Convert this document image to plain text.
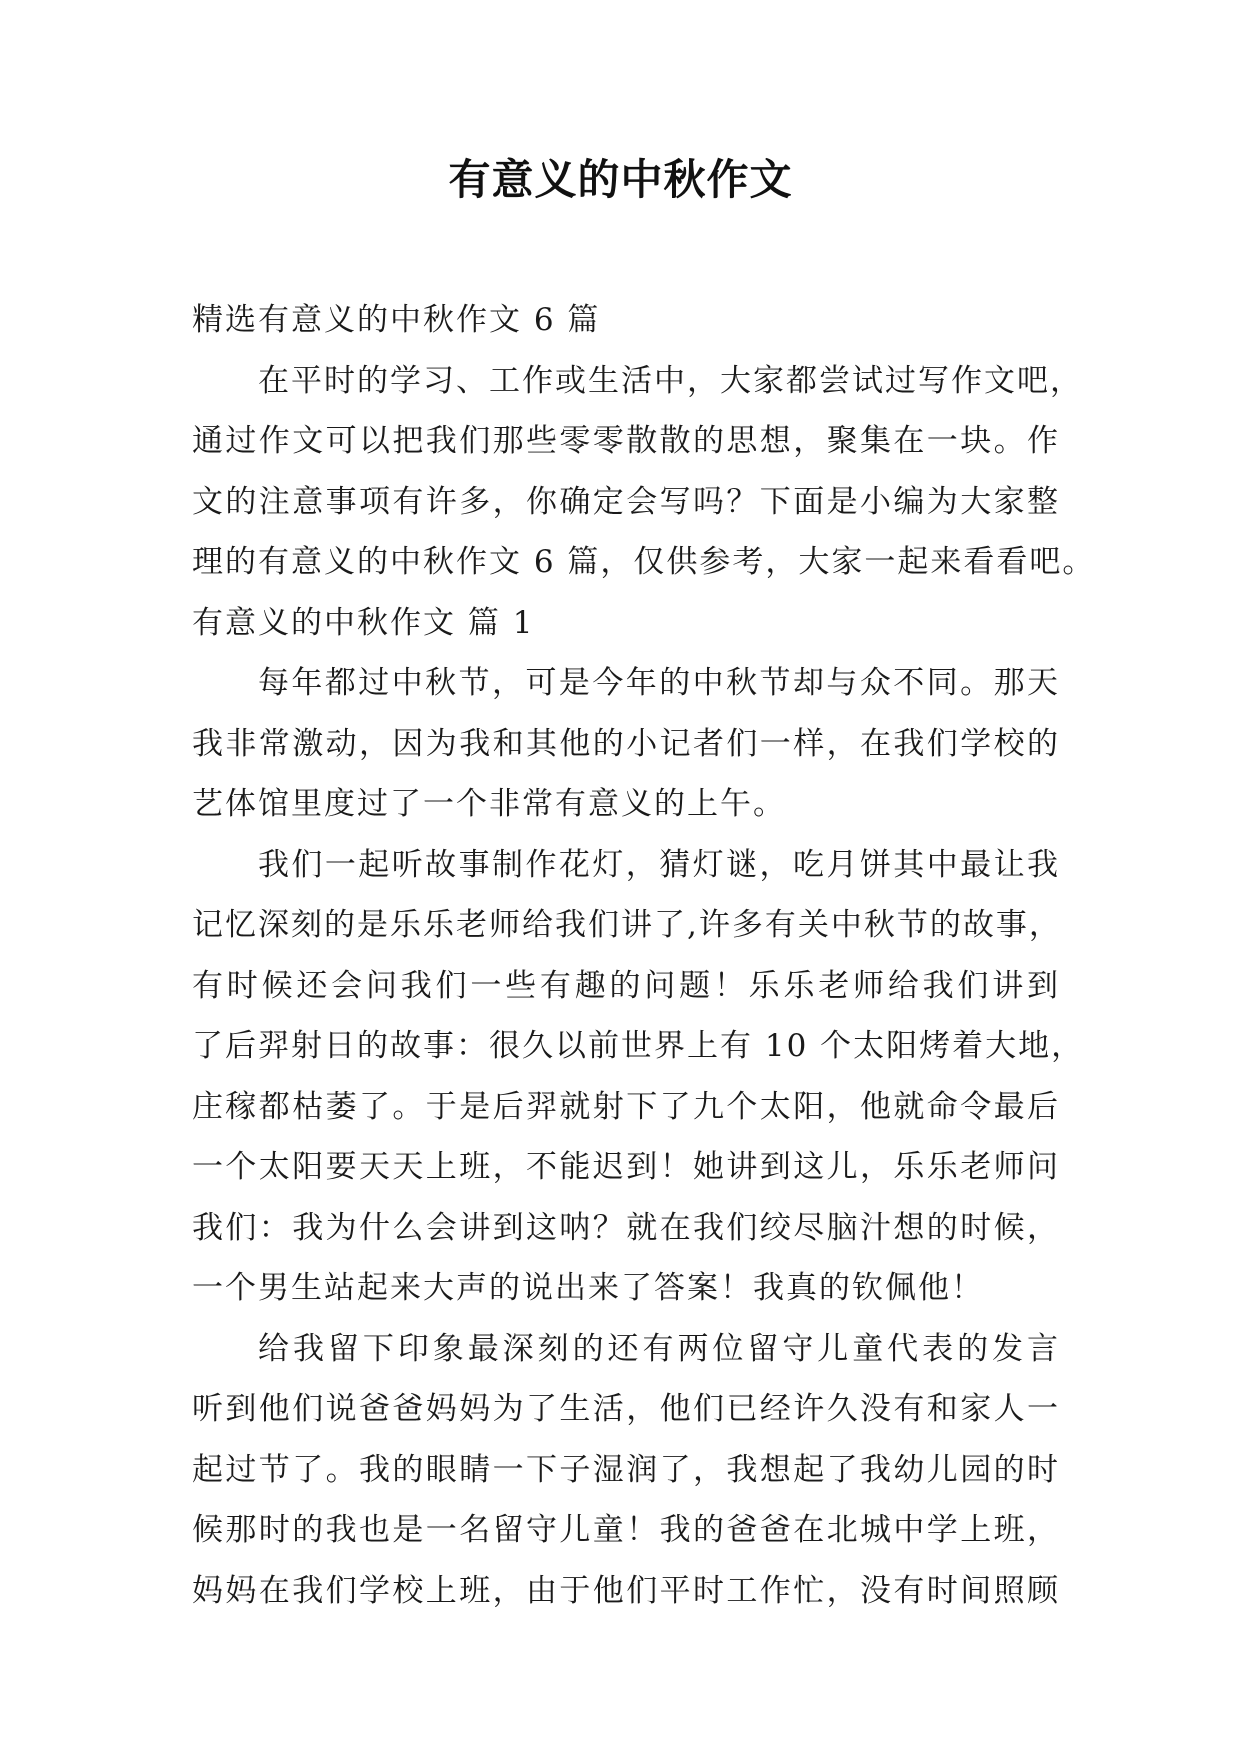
有意义的中秋作文
精选有意义的中秋作文 6 篇
在平时的学习、工作或生活中，大家都尝试过写作文吧，
通过作文可以把我们那些零零散散的思想，聚集在一块。作
文的注意事项有许多，你确定会写吗？下面是小编为大家整
理的有意义的中秋作文 6 篇，仅供参考，大家一起来看看吧。
有意义的中秋作文 篇 1
每年都过中秋节，可是今年的中秋节却与众不同。那天
我非常激动，因为我和其他的小记者们一样，在我们学校的
艺体馆里度过了一个非常有意义的上午。
我们一起听故事制作花灯，猜灯谜，吃月饼其中最让我
记忆深刻的是乐乐老师给我们讲了,许多有关中秋节的故事，
有时候还会问我们一些有趣的问题！乐乐老师给我们讲到
了后羿射日的故事：很久以前世界上有 10 个太阳烤着大地，
庄稼都枯萎了。于是后羿就射下了九个太阳，他就命令最后
一个太阳要天天上班，不能迟到！她讲到这儿，乐乐老师问
我们：我为什么会讲到这呐？就在我们绞尽脑汁想的时候，
一个男生站起来大声的说出来了答案！我真的钦佩他！
给我留下印象最深刻的还有两位留守儿童代表的发言
听到他们说爸爸妈妈为了生活，他们已经许久没有和家人一
起过节了。我的眼睛一下子湿润了，我想起了我幼儿园的时
候那时的我也是一名留守儿童！我的爸爸在北城中学上班，
妈妈在我们学校上班，由于他们平时工作忙，没有时间照顾
